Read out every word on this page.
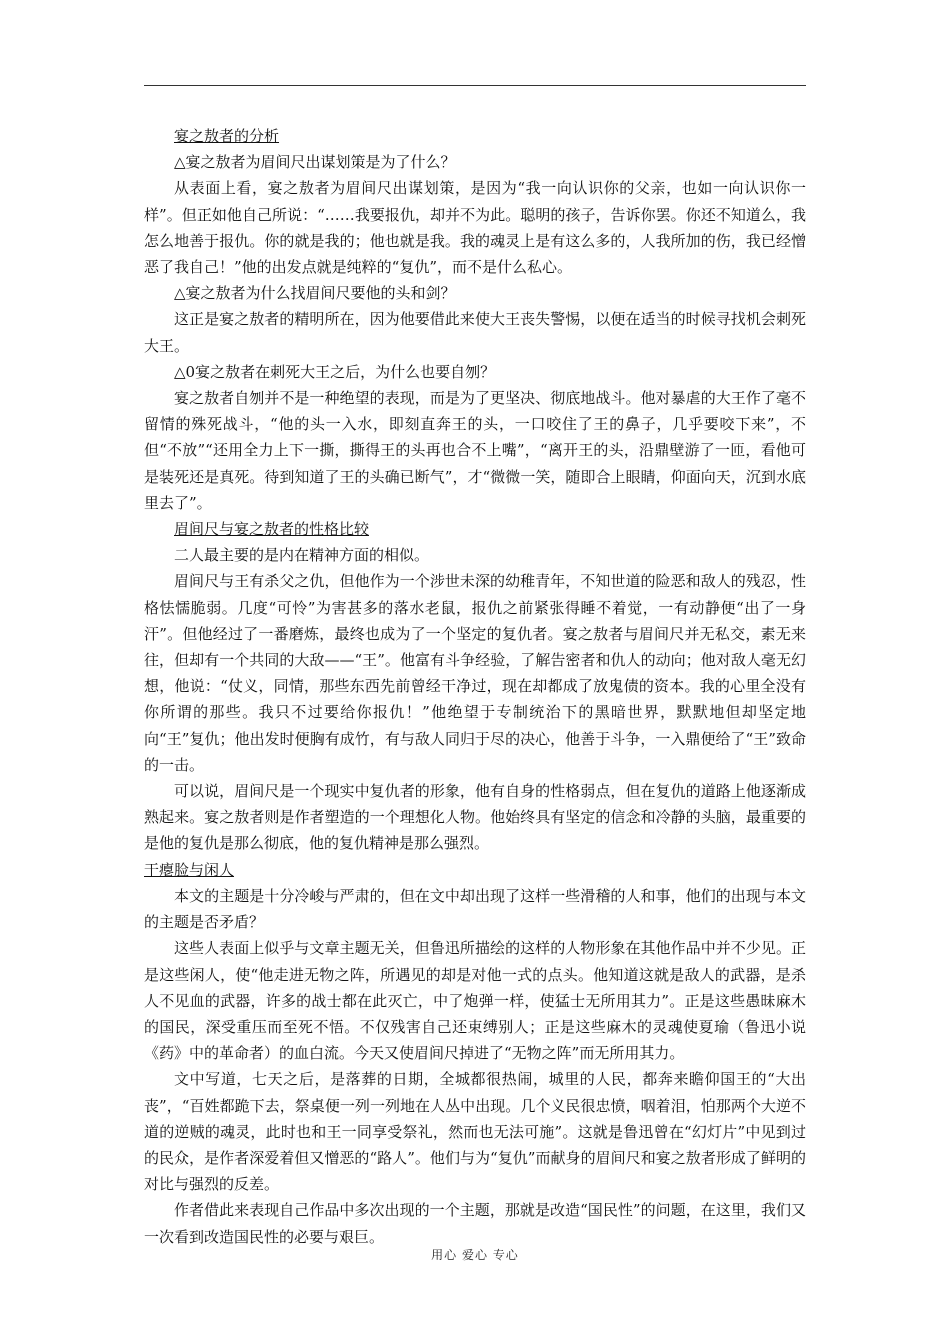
宴之敖者的分析

△宴之敖者为眉间尺出谋划策是为了什么？

从表面上看，宴之敖者为眉间尺出谋划策，是因为“我一向认识你的父亲，也如一向认识你一样”。但正如他自己所说：“……我要报仇，却并不为此。聪明的孩子，告诉你罢。你还不知道么，我怎么地善于报仇。你的就是我的；他也就是我。我的魂灵上是有这么多的，人我所加的伤，我已经憎恶了我自己！”他的出发点就是纯粹的“复仇”，而不是什么私心。

△宴之敖者为什么找眉间尺要他的头和剑？

这正是宴之敖者的精明所在，因为他要借此来使大王丧失警惕，以便在适当的时候寻找机会刺死大王。

△0宴之敖者在刺死大王之后，为什么也要自刎？

宴之敖者自刎并不是一种绝望的表现，而是为了更坚决、彻底地战斗。他对暴虐的大王作了毫不留情的殊死战斗，“他的头一入水，即刻直奔王的头，一口咬住了王的鼻子，几乎要咬下来”，不但“不放”“还用全力上下一撕，撕得王的头再也合不上嘴”，“离开王的头，沿鼎壁游了一匝，看他可是装死还是真死。待到知道了王的头确已断气”，才“微微一笑，随即合上眼睛，仰面向天，沉到水底里去了”。

眉间尺与宴之敖者的性格比较

二人最主要的是内在精神方面的相似。

眉间尺与王有杀父之仇，但他作为一个涉世未深的幼稚青年，不知世道的险恶和敌人的残忍，性格怯懦脆弱。几度“可怜”为害甚多的落水老鼠，报仇之前紧张得睡不着觉，一有动静便“出了一身汗”。但他经过了一番磨炼，最终也成为了一个坚定的复仇者。宴之敖者与眉间尺并无私交，素无来往，但却有一个共同的大敌——“王”。他富有斗争经验，了解告密者和仇人的动向；他对敌人毫无幻想，他说：“仗义，同情，那些东西先前曾经干净过，现在却都成了放鬼债的资本。我的心里全没有你所谓的那些。我只不过要给你报仇！”他绝望于专制统治下的黑暗世界，默默地但却坚定地向“王”复仇；他出发时便胸有成竹，有与敌人同归于尽的决心，他善于斗争，一入鼎便给了“王”致命的一击。

可以说，眉间尺是一个现实中复仇者的形象，他有自身的性格弱点，但在复仇的道路上他逐渐成熟起来。宴之敖者则是作者塑造的一个理想化人物。他始终具有坚定的信念和冷静的头脑，最重要的是他的复仇是那么彻底，他的复仇精神是那么强烈。

干瘪脸与闲人

本文的主题是十分冷峻与严肃的，但在文中却出现了这样一些滑稽的人和事，他们的出现与本文的主题是否矛盾？

这些人表面上似乎与文章主题无关，但鲁迅所描绘的这样的人物形象在其他作品中并不少见。正是这些闲人，使“他走进无物之阵，所遇见的却是对他一式的点头。他知道这就是敌人的武器，是杀人不见血的武器，许多的战士都在此灭亡，中了炮弹一样，使猛士无所用其力”。正是这些愚昧麻木的国民，深受重压而至死不悟。不仅残害自己还束缚别人；正是这些麻木的灵魂使夏瑜（鲁迅小说《药》中的革命者）的血白流。今天又使眉间尺掉进了“无物之阵”而无所用其力。

文中写道，七天之后，是落葬的日期，全城都很热闹，城里的人民，都奔来瞻仰国王的“大出丧”，“百姓都跪下去，祭桌便一列一列地在人丛中出现。几个义民很忠愤，咽着泪，怕那两个大逆不道的逆贼的魂灵，此时也和王一同享受祭礼，然而也无法可施”。这就是鲁迅曾在“幻灯片”中见到过的民众，是作者深爱着但又憎恶的“路人”。他们与为“复仇”而献身的眉间尺和宴之敖者形成了鲜明的对比与强烈的反差。

作者借此来表现自己作品中多次出现的一个主题，那就是改造“国民性”的问题，在这里，我们又一次看到改造国民性的必要与艰巨。

用心 爱心 专心
